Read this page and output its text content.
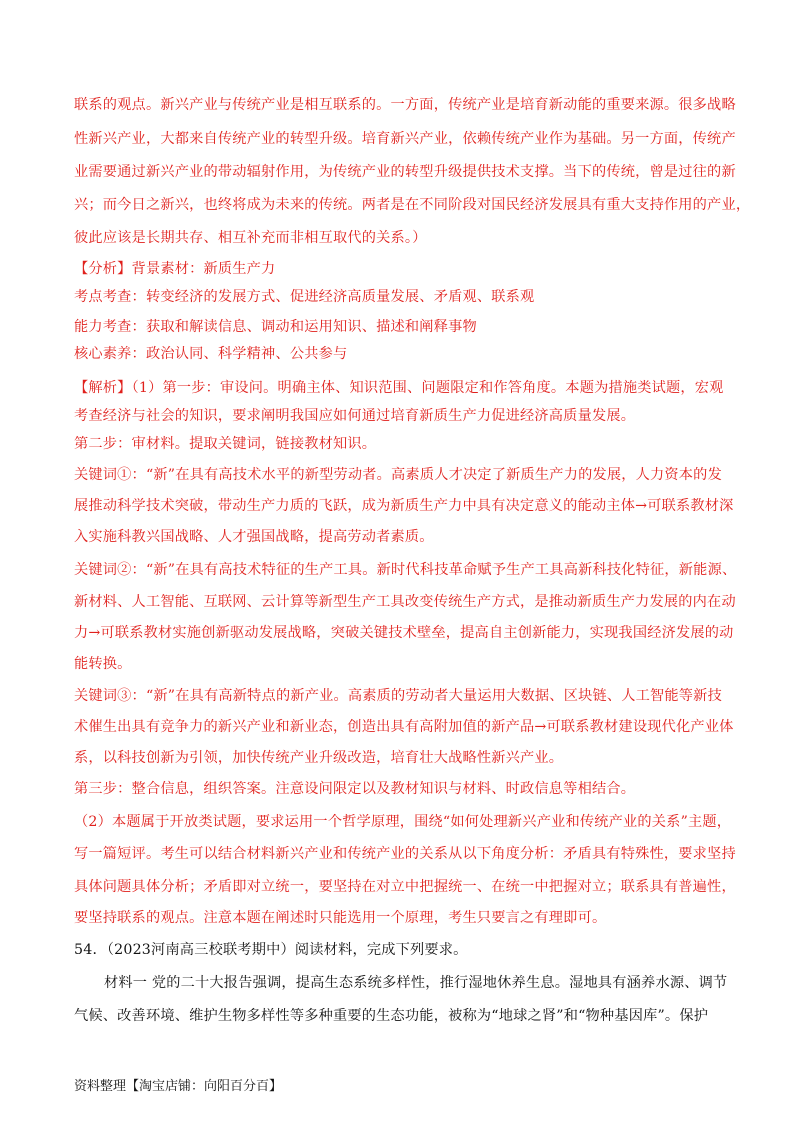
联系的观点。新兴产业与传统产业是相互联系的。一方面，传统产业是培育新动能的重要来源。很多战略
性新兴产业，大都来自传统产业的转型升级。培育新兴产业，依赖传统产业作为基础。另一方面，传统产
业需要通过新兴产业的带动辐射作用，为传统产业的转型升级提供技术支撑。当下的传统，曾是过往的新
兴；而今日之新兴，也终将成为未来的传统。两者是在不同阶段对国民经济发展具有重大支持作用的产业，
彼此应该是长期共存、相互补充而非相互取代的关系。）
【分析】背景素材：新质生产力
考点考查：转变经济的发展方式、促进经济高质量发展、矛盾观、联系观
能力考查：获取和解读信息、调动和运用知识、描述和阐释事物
核心素养：政治认同、科学精神、公共参与
【解析】（1）第一步：审设问。明确主体、知识范围、问题限定和作答角度。本题为措施类试题，宏观
考查经济与社会的知识，要求阐明我国应如何通过培育新质生产力促进经济高质量发展。
第二步：审材料。提取关键词，链接教材知识。
关键词①：“新”在具有高技术水平的新型劳动者。高素质人才决定了新质生产力的发展，人力资本的发
展推动科学技术突破，带动生产力质的飞跃，成为新质生产力中具有决定意义的能动主体→可联系教材深
入实施科教兴国战略、人才强国战略，提高劳动者素质。
关键词②：“新”在具有高技术特征的生产工具。新时代科技革命赋予生产工具高新科技化特征，新能源、
新材料、人工智能、互联网、云计算等新型生产工具改变传统生产方式，是推动新质生产力发展的内在动
力→可联系教材实施创新驱动发展战略，突破关键技术壁垒，提高自主创新能力，实现我国经济发展的动
能转换。
关键词③：“新”在具有高新特点的新产业。高素质的劳动者大量运用大数据、区块链、人工智能等新技
术催生出具有竞争力的新兴产业和新业态，创造出具有高附加值的新产品→可联系教材建设现代化产业体
系，以科技创新为引领，加快传统产业升级改造，培育壮大战略性新兴产业。
第三步：整合信息，组织答案。注意设问限定以及教材知识与材料、时政信息等相结合。
（2）本题属于开放类试题，要求运用一个哲学原理，围绕“如何处理新兴产业和传统产业的关系”主题，
写一篇短评。考生可以结合材料新兴产业和传统产业的关系从以下角度分析：矛盾具有特殊性，要求坚持
具体问题具体分析；矛盾即对立统一，要坚持在对立中把握统一、在统一中把握对立；联系具有普遍性，
要坚持联系的观点。注意本题在阐述时只能选用一个原理，考生只要言之有理即可。
54．（2023河南高三校联考期中）阅读材料，完成下列要求。
材料一 党的二十大报告强调，提高生态系统多样性，推行湿地休养生息。湿地具有涵养水源、调节
气候、改善环境、维护生物多样性等多种重要的生态功能，被称为“地球之肾”和“物种基因库”。保护
资料整理【淘宝店铺：向阳百分百】
